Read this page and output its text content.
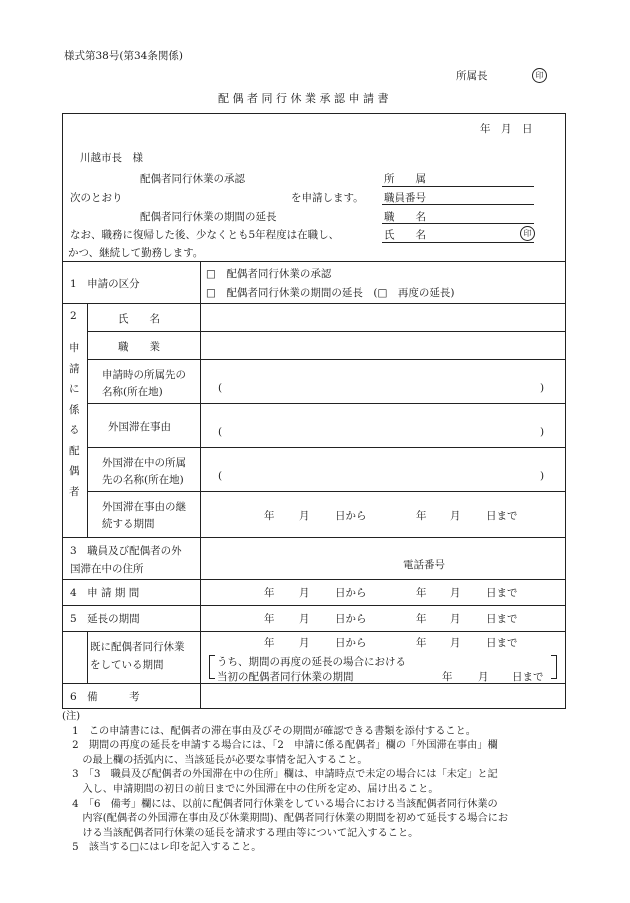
様式第38号(第34条関係)
所属長	印
配偶者同行休業承認申請書
年　月　日
川越市長　様
配偶者同行休業の承認
次のとおり	を申請します。
配偶者同行休業の期間の延長
なお、職務に復帰した後、少なくとも5年程度は在職し、
かつ、継続して勤務します。
所　　属
職員番号
職　　名
氏　　名	印
1　申請の区分
□　配偶者同行休業の承認
□　配偶者同行休業の期間の延長　(□　再度の延長)
2
申
請
に
係
る
配
偶
者
氏　　名
職　　業
申請時の所属先の
名称(所在地)	(	)
外国滞在事由	(	)
外国滞在中の所属
先の名称(所在地)	(	)
外国滞在事由の継
続する期間
年 月 日から	年 月 日まで
3　職員及び配偶者の外
国滞在中の住所	電話番号
4　申 請 期 間	年 月 日から	年 月 日まで
5　延長の期間	年 月 日から	年 月 日まで
既に配偶者同行休業
をしている期間
年 月 日から	年 月 日まで
うち、期間の再度の延長の場合における
当初の配偶者同行休業の期間	年 月 日まで
6　備　　　考
(注)
　1　この申請書には、配偶者の滞在事由及びその期間が確認できる書類を添付すること。
　2　期間の再度の延長を申請する場合には、「2　申請に係る配偶者」欄の「外国滞在事由」欄
　　の最上欄の括弧内に、当該延長が必要な事情を記入すること。
　3　「3　職員及び配偶者の外国滞在中の住所」欄は、申請時点で未定の場合には「未定」と記
　　入し、申請期間の初日の前日までに外国滞在中の住所を定め、届け出ること。
　4　「6　備考」欄には、以前に配偶者同行休業をしている場合における当該配偶者同行休業の
　　内容(配偶者の外国滞在事由及び休業期間)、配偶者同行休業の期間を初めて延長する場合にお
　　ける当該配偶者同行休業の延長を請求する理由等について記入すること。
　5　該当する□にはレ印を記入すること。
